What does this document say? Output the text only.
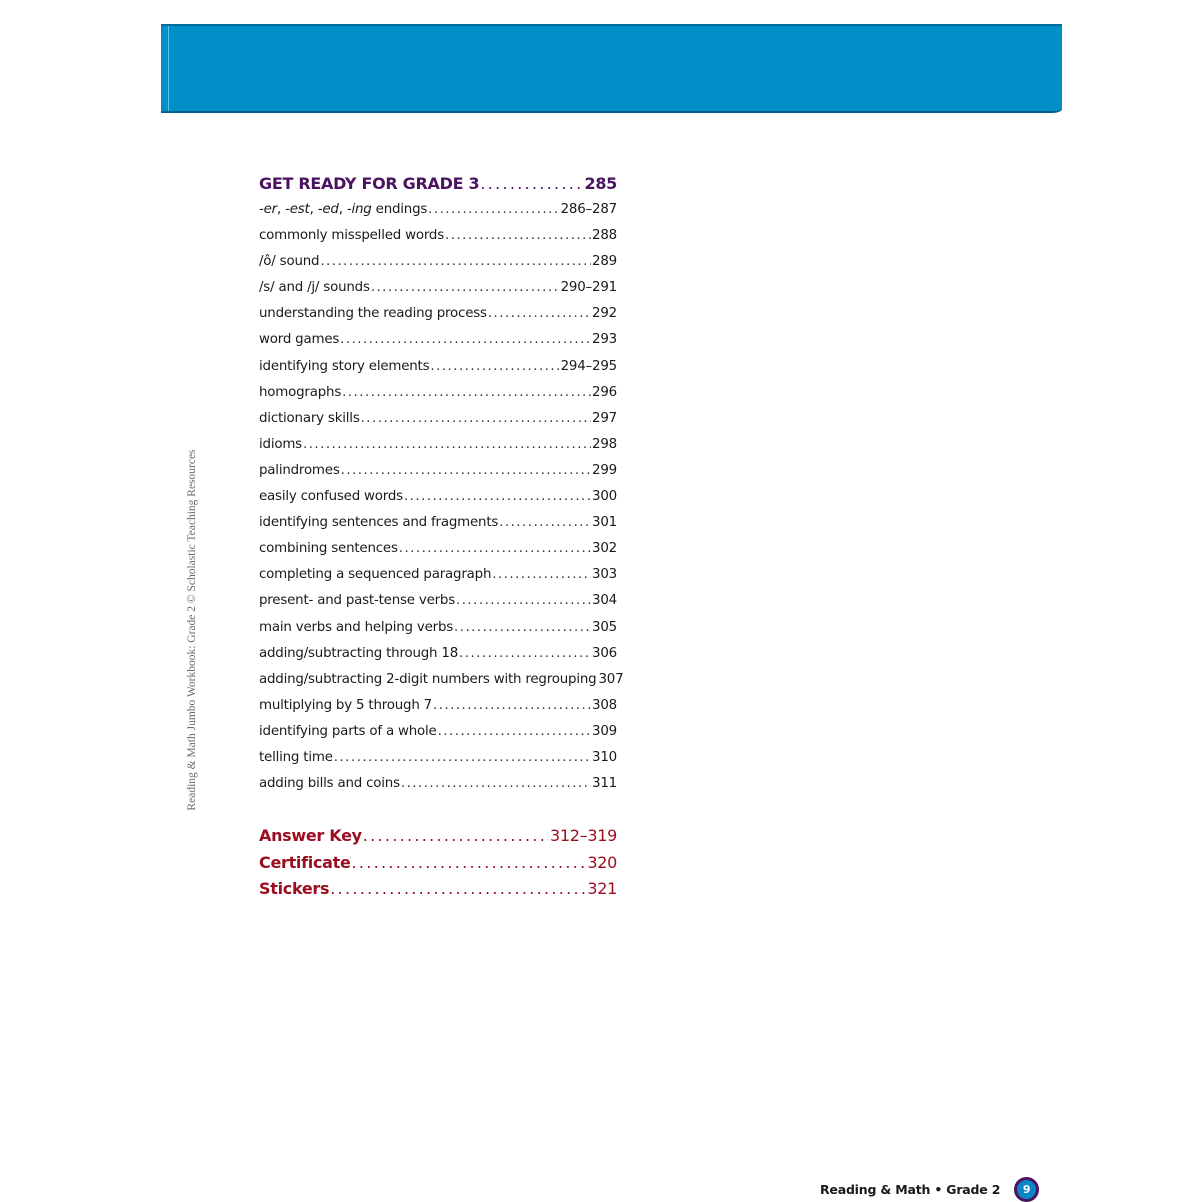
Reading & Math Jumbo Workbook: Grade 2 © Scholastic Teaching Resources
GET READY FOR GRADE 3 . . .	285
-er, -est, -ed, -ing endings . . .	286–287
commonly misspelled words . . .	288
/ô/ sound . . .	289
/s/ and /j/ sounds . . .	290–291
understanding the reading process . . .	292
word games . . .	293
identifying story elements . . .	294–295
homographs . . .	296
dictionary skills . . .	297
idioms . . .	298
palindromes . . .	299
easily confused words . . .	300
identifying sentences and fragments . . .	301
combining sentences . . .	302
completing a sequenced paragraph . . .	303
present- and past-tense verbs . . .	304
main verbs and helping verbs . . .	305
adding/subtracting through 18 . . .	306
adding/subtracting 2-digit numbers with regrouping 307
multiplying by 5 through 7 . . .	308
identifying parts of a whole . . .	309
telling time . . .	310
adding bills and coins . . .	311
Answer Key . . .	312–319
Certificate . . .	320
Stickers . . .	321
Reading & Math • Grade 2	9
